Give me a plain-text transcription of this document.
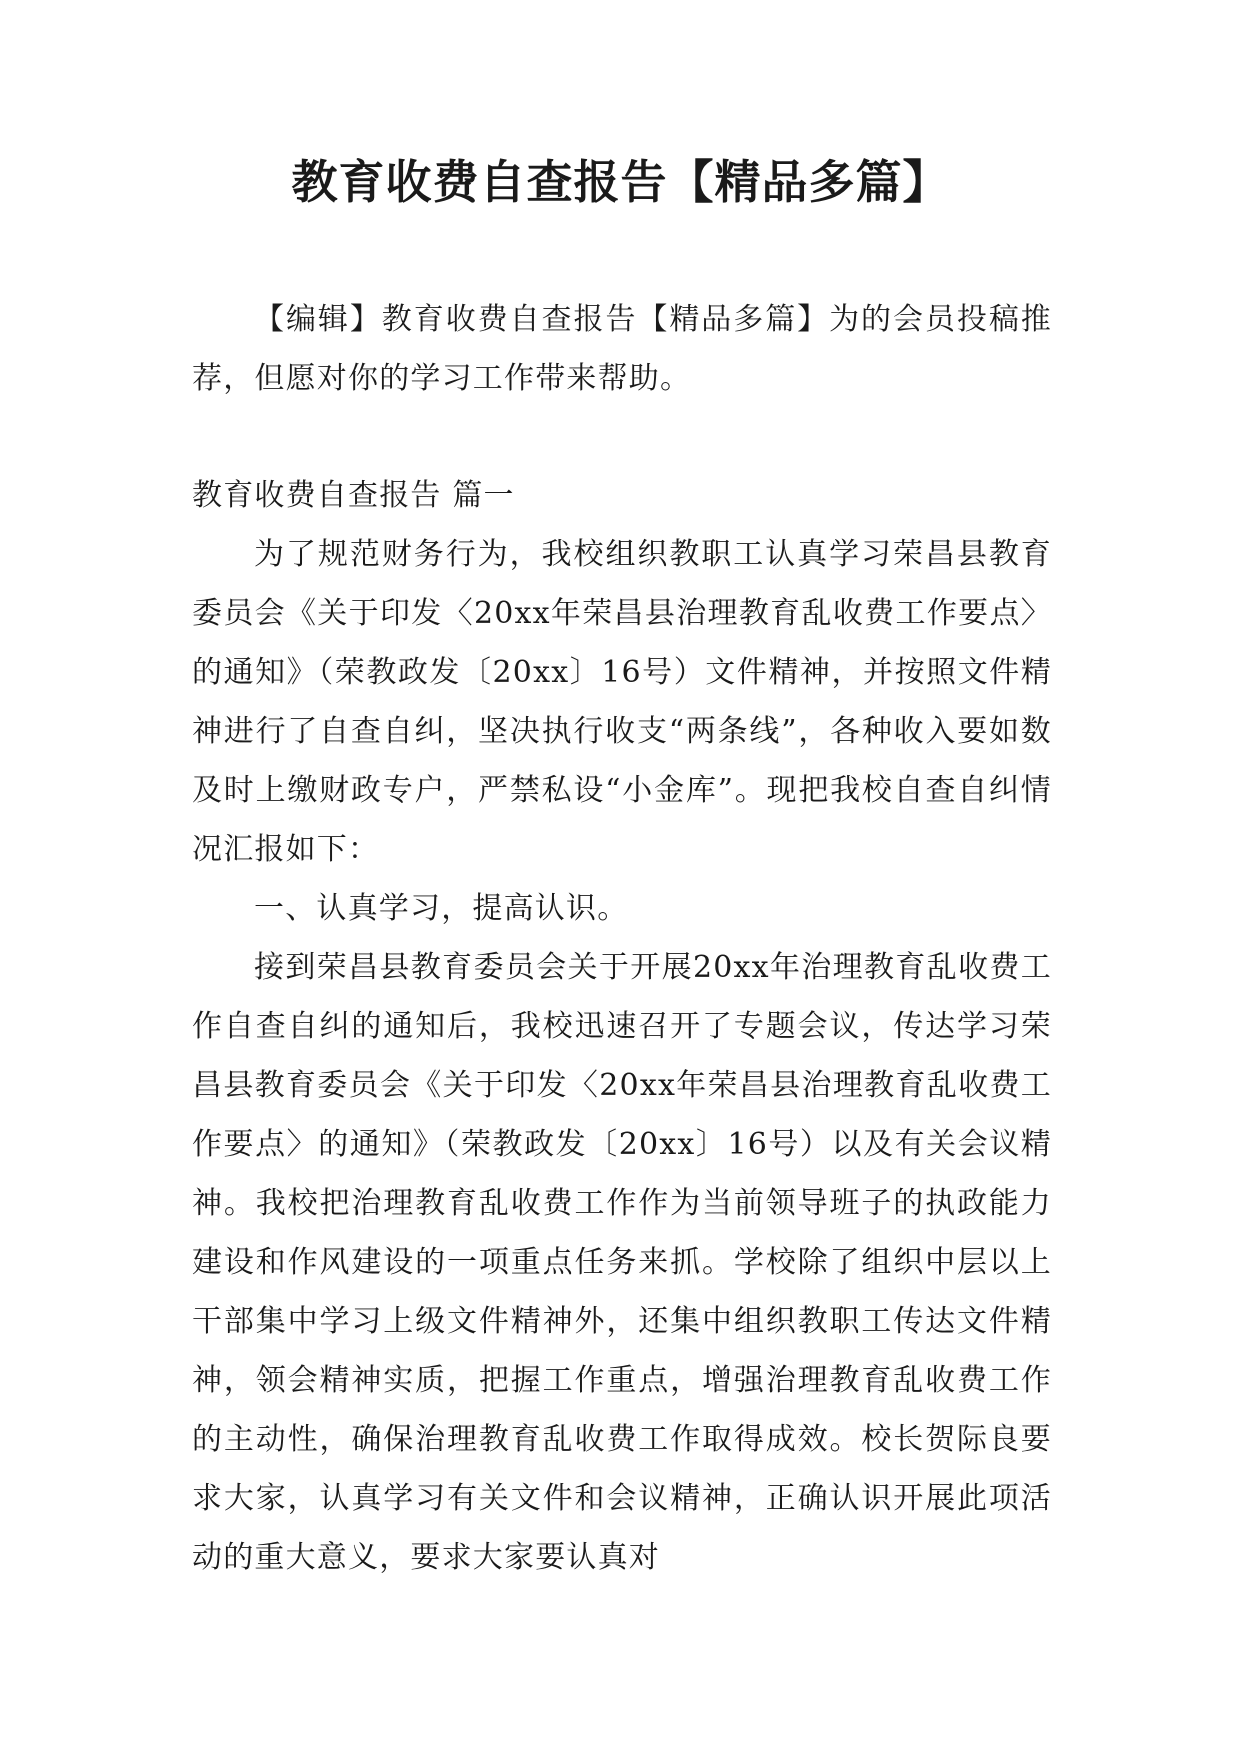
教育收费自查报告【精品多篇】

【编辑】教育收费自查报告【精品多篇】为的会员投稿推荐，但愿对你的学习工作带来帮助。

教育收费自查报告 篇一

为了规范财务行为，我校组织教职工认真学习荣昌县教育委员会《关于印发〈20xx年荣昌县治理教育乱收费工作要点〉的通知》（荣教政发〔20xx〕16号）文件精神，并按照文件精神进行了自查自纠，坚决执行收支“两条线”，各种收入要如数及时上缴财政专户，严禁私设“小金库”。现把我校自查自纠情况汇报如下：

一、认真学习，提高认识。

接到荣昌县教育委员会关于开展20xx年治理教育乱收费工作自查自纠的通知后，我校迅速召开了专题会议，传达学习荣昌县教育委员会《关于印发〈20xx年荣昌县治理教育乱收费工作要点〉的通知》（荣教政发〔20xx〕16号）以及有关会议精神。我校把治理教育乱收费工作作为当前领导班子的执政能力建设和作风建设的一项重点任务来抓。学校除了组织中层以上干部集中学习上级文件精神外，还集中组织教职工传达文件精神，领会精神实质，把握工作重点，增强治理教育乱收费工作的主动性，确保治理教育乱收费工作取得成效。校长贺际良要求大家，认真学习有关文件和会议精神，正确认识开展此项活动的重大意义，要求大家要认真对
